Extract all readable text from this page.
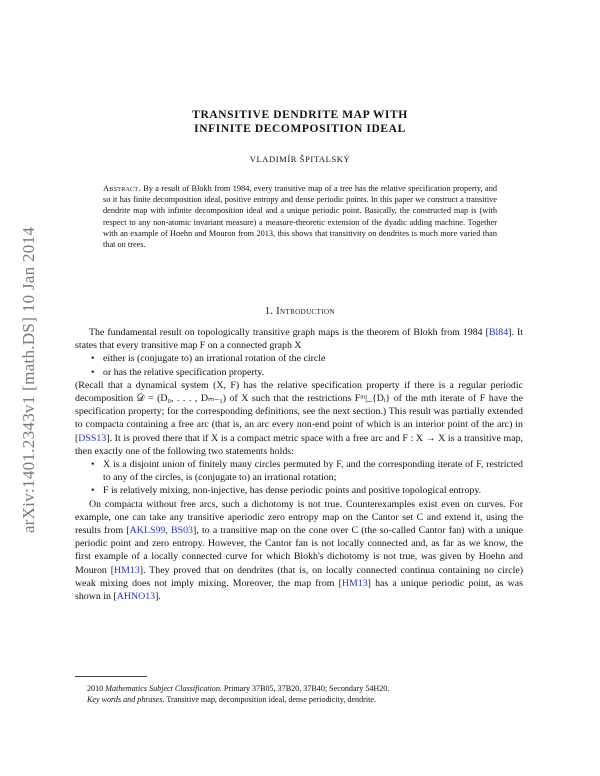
arXiv:1401.2343v1 [math.DS] 10 Jan 2014
TRANSITIVE DENDRITE MAP WITH
INFINITE DECOMPOSITION IDEAL
VLADIMÍR ŠPITALSKÝ
Abstract. By a result of Blokh from 1984, every transitive map of a tree has the relative specification property, and so it has finite decomposition ideal, positive entropy and dense periodic points. In this paper we construct a transitive dendrite map with infinite decomposition ideal and a unique periodic point. Basically, the constructed map is (with respect to any non-atomic invariant measure) a measure-theoretic extension of the dyadic adding machine. Together with an example of Hoehn and Mouron from 2013, this shows that transitivity on dendrites is much more varied than that on trees.
1. Introduction

The fundamental result on topologically transitive graph maps is the theorem of Blokh from 1984 [Bl84]. It states that every transitive map F on a connected graph X

• either is (conjugate to) an irrational rotation of the circle
• or has the relative specification property.

(Recall that a dynamical system (X, F) has the relative specification property if there is a regular periodic decomposition 𝒟 = (D₀, . . . , Dₘ₋₁) of X such that the restrictions Fᵐ|_{Dᵢ} of the mth iterate of F have the specification property; for the corresponding definitions, see the next section.) This result was partially extended to compacta containing a free arc (that is, an arc every non-end point of which is an interior point of the arc) in [DSS13]. It is proved there that if X is a compact metric space with a free arc and F : X → X is a transitive map, then exactly one of the following two statements holds:

• X is a disjoint union of finitely many circles permuted by F, and the corresponding iterate of F, restricted to any of the circles, is (conjugate to) an irrational rotation;
• F is relatively mixing, non-injective, has dense periodic points and positive topological entropy.

On compacta without free arcs, such a dichotomy is not true. Counterexamples exist even on curves. For example, one can take any transitive aperiodic zero entropy map on the Cantor set C and extend it, using the results from [AKLS99, BS03], to a transitive map on the cone over C (the so-called Cantor fan) with a unique periodic point and zero entropy. However, the Cantor fan is not locally connected and, as far as we know, the first example of a locally connected curve for which Blokh's dichotomy is not true, was given by Hoehn and Mouron [HM13]. They proved that on dendrites (that is, on locally connected continua containing no circle) weak mixing does not imply mixing. Moreover, the map from [HM13] has a unique periodic point, as was shown in [AHNO13].

2010 Mathematics Subject Classification. Primary 37B05, 37B20, 37B40; Secondary 54H20.

Key words and phrases. Transitive map, decomposition ideal, dense periodicity, dendrite.
